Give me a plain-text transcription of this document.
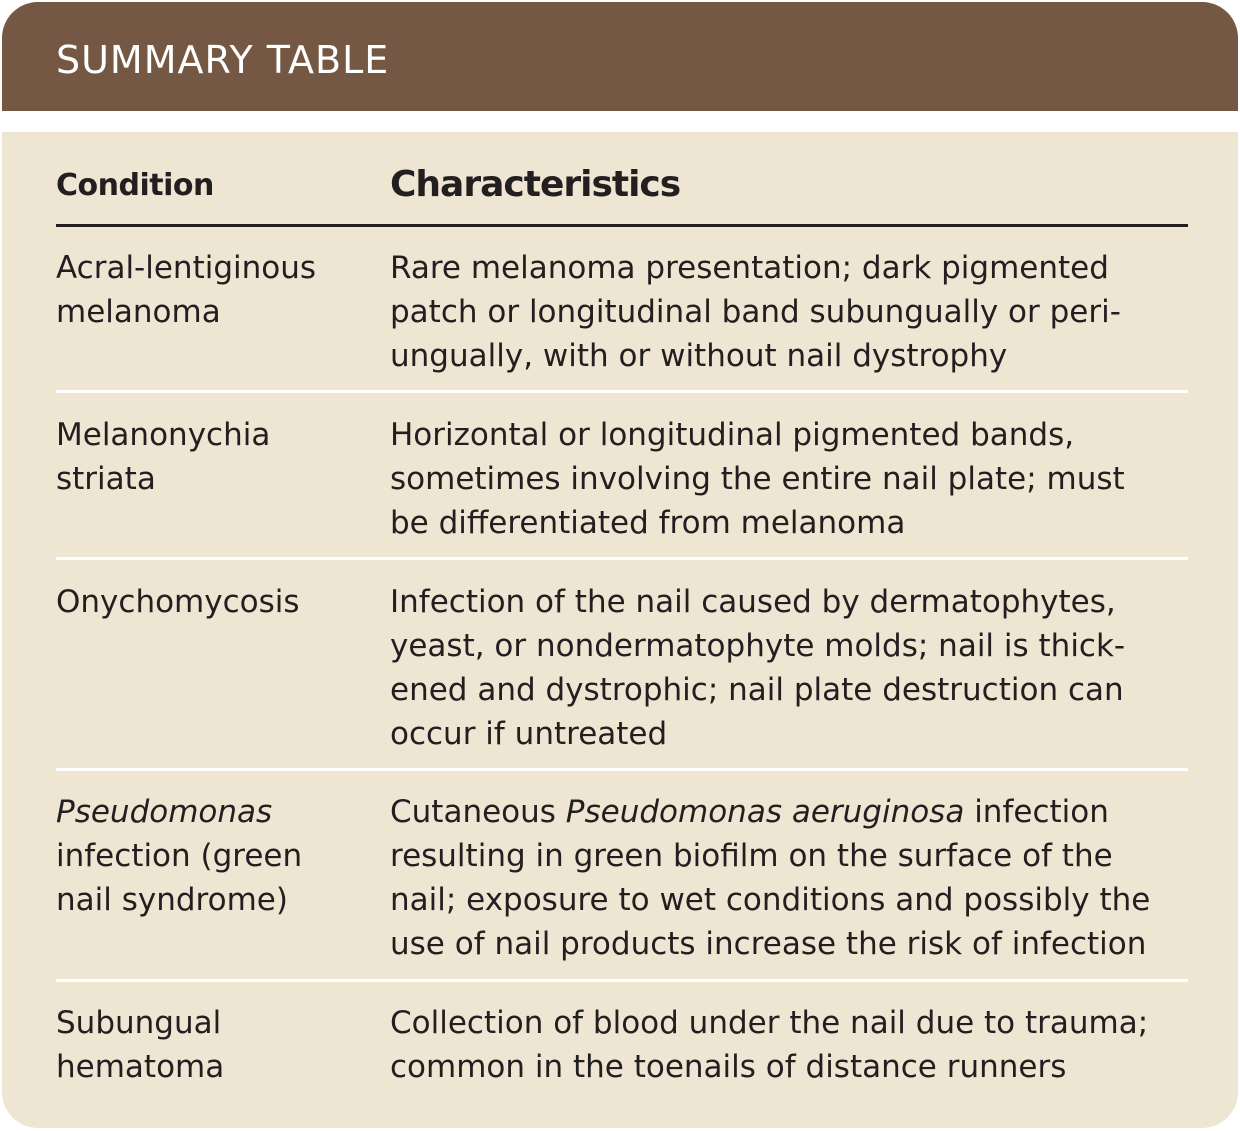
SUMMARY TABLE
Condition	Characteristics
Acral-lentiginous
melanoma
Rare melanoma presentation; dark pigmented
patch or longitudinal band subungually or peri-
ungually, with or without nail dystrophy
Melanonychia
striata
Horizontal or longitudinal pigmented bands,
sometimes involving the entire nail plate; must
be differentiated from melanoma
Onychomycosis	Infection of the nail caused by dermatophytes,
yeast, or nondermatophyte molds; nail is thick-
ened and dystrophic; nail plate destruction can
occur if untreated
Pseudomonas
infection (green
nail syndrome)
Cutaneous Pseudomonas aeruginosa infection
resulting in green biofilm on the surface of the
nail; exposure to wet conditions and possibly the
use of nail products increase the risk of infection
Subungual
hematoma
Collection of blood under the nail due to trauma;
common in the toenails of distance runners
